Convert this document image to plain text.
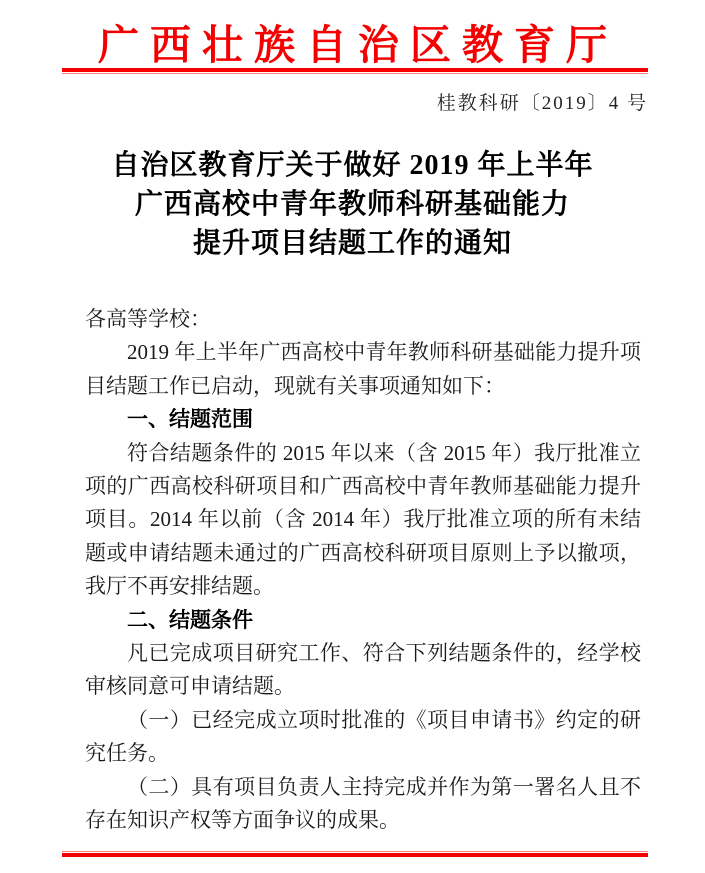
广西壮族自治区教育厅
桂教科研〔2019〕4 号
自治区教育厅关于做好 2019 年上半年
广西高校中青年教师科研基础能力
提升项目结题工作的通知

各高等学校：

2019 年上半年广西高校中青年教师科研基础能力提升项目结题工作已启动，现就有关事项通知如下：

一、结题范围

符合结题条件的 2015 年以来（含 2015 年）我厅批准立项的广西高校科研项目和广西高校中青年教师基础能力提升项目。2014 年以前（含 2014 年）我厅批准立项的所有未结题或申请结题未通过的广西高校科研项目原则上予以撤项，我厅不再安排结题。

二、结题条件

凡已完成项目研究工作、符合下列结题条件的，经学校审核同意可申请结题。

（一）已经完成立项时批准的《项目申请书》约定的研究任务。

（二）具有项目负责人主持完成并作为第一署名人且不存在知识产权等方面争议的成果。
